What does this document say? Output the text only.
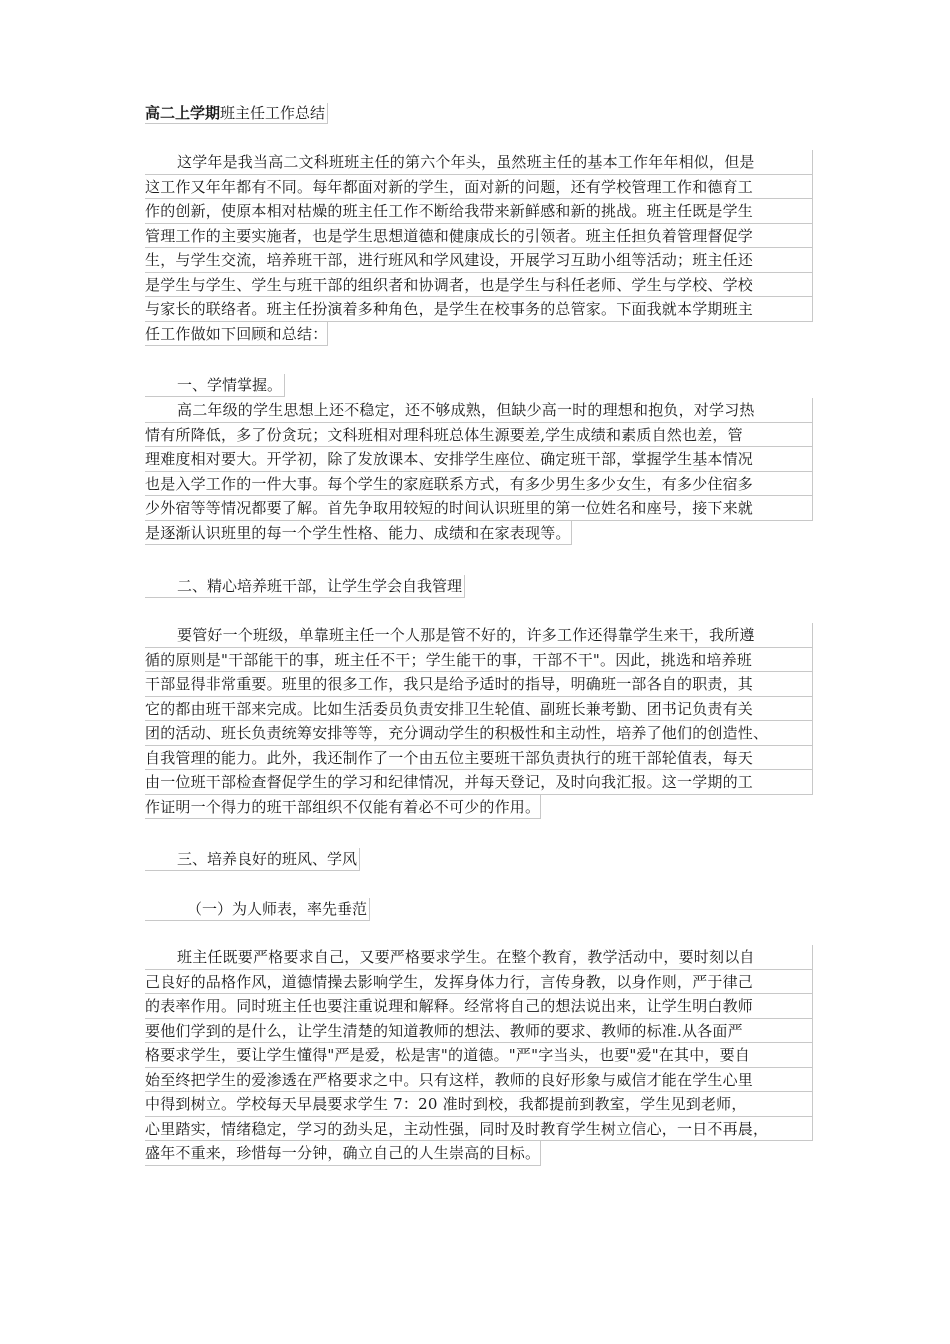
高二上学期班主任工作总结
这学年是我当高二文科班班主任的第六个年头，虽然班主任的基本工作年年相似，但是
这工作又年年都有不同。每年都面对新的学生，面对新的问题，还有学校管理工作和德育工
作的创新，使原本相对枯燥的班主任工作不断给我带来新鲜感和新的挑战。班主任既是学生
管理工作的主要实施者，也是学生思想道德和健康成长的引领者。班主任担负着管理督促学
生，与学生交流，培养班干部，进行班风和学风建设，开展学习互助小组等活动；班主任还
是学生与学生、学生与班干部的组织者和协调者，也是学生与科任老师、学生与学校、学校
与家长的联络者。班主任扮演着多种角色，是学生在校事务的总管家。下面我就本学期班主
任工作做如下回顾和总结：
一、学情掌握。
高二年级的学生思想上还不稳定，还不够成熟，但缺少高一时的理想和抱负，对学习热
情有所降低，多了份贪玩；文科班相对理科班总体生源要差,学生成绩和素质自然也差，管
理难度相对要大。开学初，除了发放课本、安排学生座位、确定班干部，掌握学生基本情况
也是入学工作的一件大事。每个学生的家庭联系方式，有多少男生多少女生，有多少住宿多
少外宿等等情况都要了解。首先争取用较短的时间认识班里的第一位姓名和座号，接下来就
是逐渐认识班里的每一个学生性格、能力、成绩和在家表现等。
二、精心培养班干部，让学生学会自我管理
要管好一个班级，单靠班主任一个人那是管不好的，许多工作还得靠学生来干，我所遵
循的原则是"干部能干的事，班主任不干；学生能干的事，干部不干"。因此，挑选和培养班
干部显得非常重要。班里的很多工作，我只是给予适时的指导，明确班一部各自的职责，其
它的都由班干部来完成。比如生活委员负责安排卫生轮值、副班长兼考勤、团书记负责有关
团的活动、班长负责统筹安排等等，充分调动学生的积极性和主动性，培养了他们的创造性、
自我管理的能力。此外，我还制作了一个由五位主要班干部负责执行的班干部轮值表，每天
由一位班干部检查督促学生的学习和纪律情况，并每天登记，及时向我汇报。这一学期的工
作证明一个得力的班干部组织不仅能有着必不可少的作用。
三、培养良好的班风、学风
（一）为人师表，率先垂范
班主任既要严格要求自己，又要严格要求学生。在整个教育，教学活动中，要时刻以自
己良好的品格作风，道德情操去影响学生，发挥身体力行，言传身教，以身作则，严于律己
的表率作用。同时班主任也要注重说理和解释。经常将自己的想法说出来，让学生明白教师
要他们学到的是什么，让学生清楚的知道教师的想法、教师的要求、教师的标准.从各面严
格要求学生，要让学生懂得"严是爱，松是害"的道德。"严"字当头，也要"爱"在其中，要自
始至终把学生的爱渗透在严格要求之中。只有这样，教师的良好形象与威信才能在学生心里
中得到树立。学校每天早晨要求学生 7：20 准时到校，我都提前到教室，学生见到老师，
心里踏实，情绪稳定，学习的劲头足，主动性强，同时及时教育学生树立信心，一日不再晨，
盛年不重来，珍惜每一分钟，确立自己的人生崇高的目标。
